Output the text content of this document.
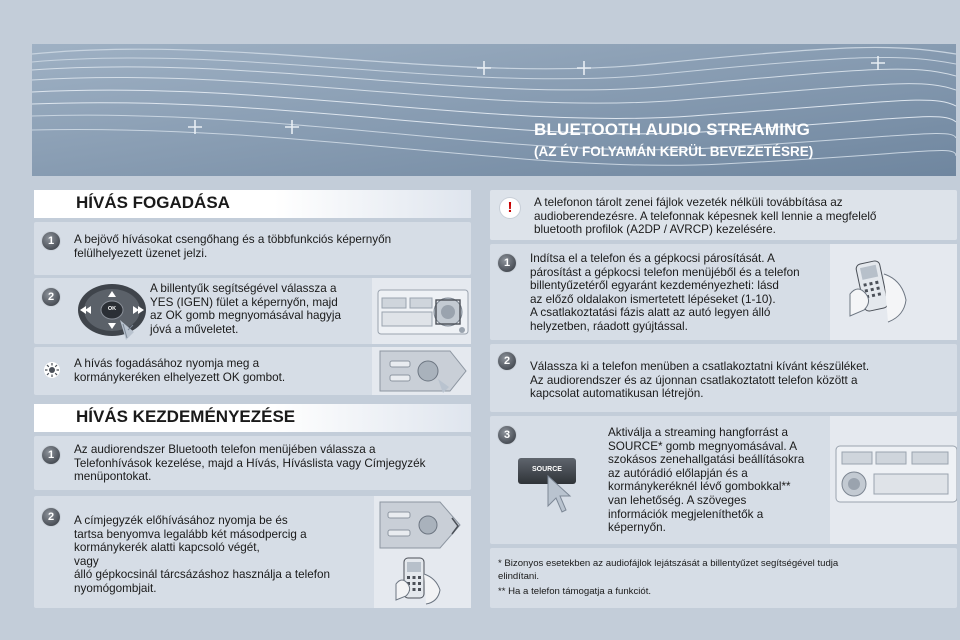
BLUETOOTH AUDIO STREAMING
(AZ ÉV FOLYAMÁN KERÜL BEVEZETÉSRE)
HÍVÁS FOGADÁSA
1	A bejövő hívásokat csengőhang és a többfunkciós képernyőn
felülhelyezett üzenet jelzi.
2
OK
A billentyűk segítségével válassza a
YES (IGEN) fület a képernyőn, majd
az OK gomb megnyomásával hagyja
jóvá a műveletet.
A hívás fogadásához nyomja meg a
kormánykeréken elhelyezett OK gombot.
HÍVÁS KEZDEMÉNYEZÉSE
1	Az audiorendszer Bluetooth telefon menüjében válassza a
Telefonhívások kezelése, majd a Hívás, Híváslista vagy Címjegyzék
menüpontokat.
2	A címjegyzék előhívásához nyomja be és
tartsa benyomva legalább két másodpercig a
kormánykerék alatti kapcsoló végét,
vagy
álló gépkocsinál tárcsázáshoz használja a telefon
nyomógombjait.
!	A telefonon tárolt zenei fájlok vezeték nélküli továbbítása az
audioberendezésre. A telefonnak képesnek kell lennie a megfelelő
bluetooth profilok (A2DP / AVRCP) kezelésére.
1	Indítsa el a telefon és a gépkocsi párosítását. A
párosítást a gépkocsi telefon menüjéből és a telefon
billentyűzetéről egyaránt kezdeményezheti: lásd
az előző oldalakon ismertetett lépéseket (1-10).
A csatlakoztatási fázis alatt az autó legyen álló
helyzetben, ráadott gyújtással.
2	Válassza ki a telefon menüben a csatlakoztatni kívánt készüléket.
Az audiorendszer és az újonnan csatlakoztatott telefon között a
kapcsolat automatikusan létrejön.
3
SOURCE
Aktiválja a streaming hangforrást a
SOURCE* gomb megnyomásával. A
szokásos zenehallgatási beállításokra
az autórádió előlapján és a
kormánykeréknél lévő gombokkal**
van lehetőség. A szöveges
információk megjeleníthetők a
képernyőn.
* Bizonyos esetekben az audiofájlok lejátszását a billentyűzet segítségével tudja
elindítani.
** Ha a telefon támogatja a funkciót.
